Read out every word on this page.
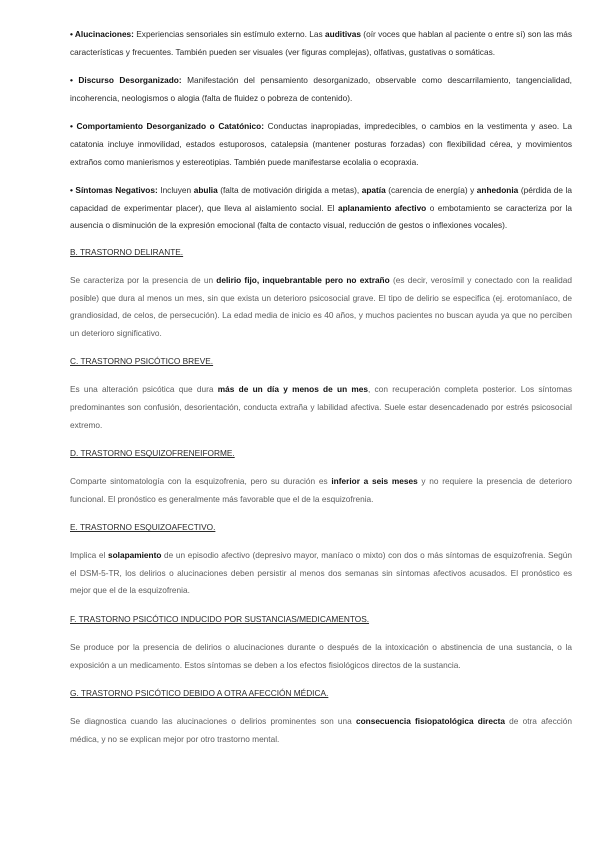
• Alucinaciones: Experiencias sensoriales sin estímulo externo. Las auditivas (oír voces que hablan al paciente o entre sí) son las más características y frecuentes. También pueden ser visuales (ver figuras complejas), olfativas, gustativas o somáticas.

• Discurso Desorganizado: Manifestación del pensamiento desorganizado, observable como descarrilamiento, tangencialidad, incoherencia, neologismos o alogia (falta de fluidez o pobreza de contenido).

• Comportamiento Desorganizado o Catatónico: Conductas inapropiadas, impredecibles, o cambios en la vestimenta y aseo. La catatonia incluye inmovilidad, estados estuporosos, catalepsia (mantener posturas forzadas) con flexibilidad cérea, y movimientos extraños como manierismos y estereotipias. También puede manifestarse ecolalia o ecopraxia.

• Síntomas Negativos: Incluyen abulia (falta de motivación dirigida a metas), apatía (carencia de energía) y anhedonia (pérdida de la capacidad de experimentar placer), que lleva al aislamiento social. El aplanamiento afectivo o embotamiento se caracteriza por la ausencia o disminución de la expresión emocional (falta de contacto visual, reducción de gestos o inflexiones vocales).

B. TRASTORNO DELIRANTE.

Se caracteriza por la presencia de un delirio fijo, inquebrantable pero no extraño (es decir, verosímil y conectado con la realidad posible) que dura al menos un mes, sin que exista un deterioro psicosocial grave. El tipo de delirio se especifica (ej. erotomaníaco, de grandiosidad, de celos, de persecución). La edad media de inicio es 40 años, y muchos pacientes no buscan ayuda ya que no perciben un deterioro significativo.

C. TRASTORNO PSICÓTICO BREVE.

Es una alteración psicótica que dura más de un día y menos de un mes, con recuperación completa posterior. Los síntomas predominantes son confusión, desorientación, conducta extraña y labilidad afectiva. Suele estar desencadenado por estrés psicosocial extremo.

D. TRASTORNO ESQUIZOFRENEIFORME.

Comparte sintomatología con la esquizofrenia, pero su duración es inferior a seis meses y no requiere la presencia de deterioro funcional. El pronóstico es generalmente más favorable que el de la esquizofrenia.

E. TRASTORNO ESQUIZOAFECTIVO.

Implica el solapamiento de un episodio afectivo (depresivo mayor, maníaco o mixto) con dos o más síntomas de esquizofrenia. Según el DSM-5-TR, los delirios o alucinaciones deben persistir al menos dos semanas sin síntomas afectivos acusados. El pronóstico es mejor que el de la esquizofrenia.

F. TRASTORNO PSICÓTICO INDUCIDO POR SUSTANCIAS/MEDICAMENTOS.

Se produce por la presencia de delirios o alucinaciones durante o después de la intoxicación o abstinencia de una sustancia, o la exposición a un medicamento. Estos síntomas se deben a los efectos fisiológicos directos de la sustancia.

G. TRASTORNO PSICÓTICO DEBIDO A OTRA AFECCIÓN MÉDICA.

Se diagnostica cuando las alucinaciones o delirios prominentes son una consecuencia fisiopatológica directa de otra afección médica, y no se explican mejor por otro trastorno mental.
